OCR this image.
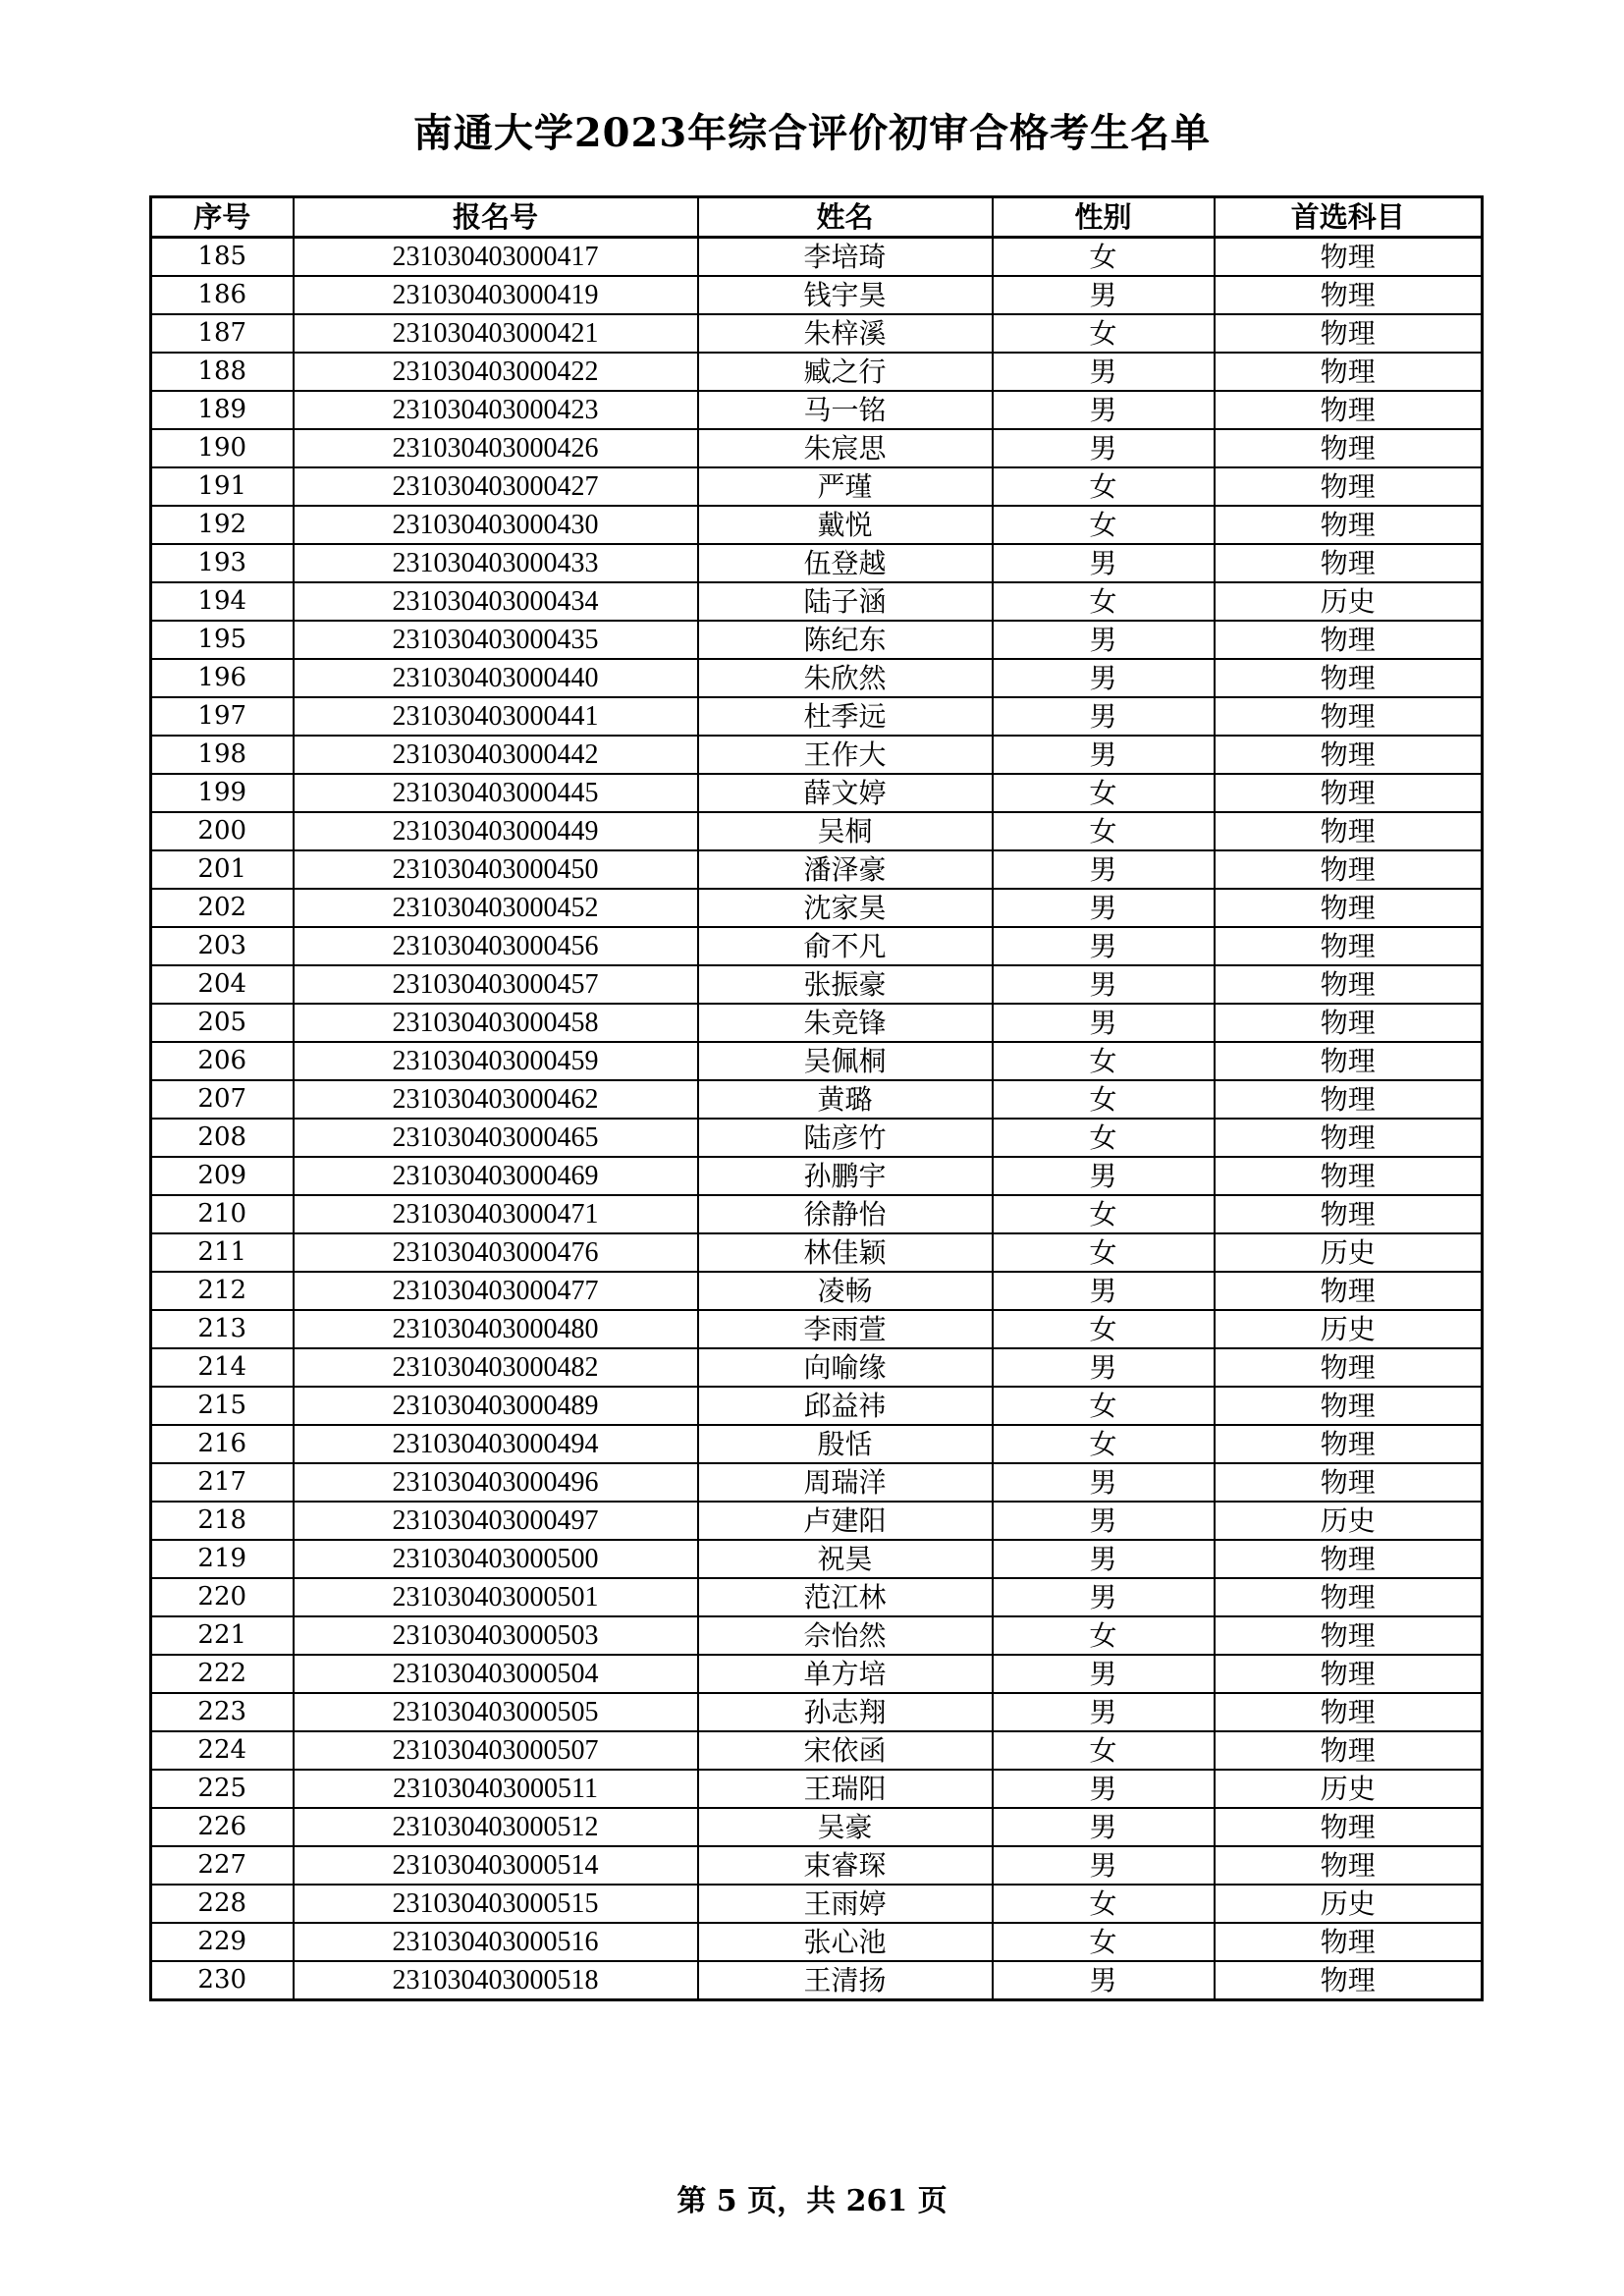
南通大学2023年综合评价初审合格考生名单
序号	报名号	姓名	性别	首选科目
185	231030403000417	李培琦	女	物理
186	231030403000419	钱宇昊	男	物理
187	231030403000421	朱梓溪	女	物理
188	231030403000422	臧之行	男	物理
189	231030403000423	马一铭	男	物理
190	231030403000426	朱宸思	男	物理
191	231030403000427	严瑾	女	物理
192	231030403000430	戴悦	女	物理
193	231030403000433	伍登越	男	物理
194	231030403000434	陆子涵	女	历史
195	231030403000435	陈纪东	男	物理
196	231030403000440	朱欣然	男	物理
197	231030403000441	杜季远	男	物理
198	231030403000442	王作大	男	物理
199	231030403000445	薛文婷	女	物理
200	231030403000449	吴桐	女	物理
201	231030403000450	潘泽豪	男	物理
202	231030403000452	沈家昊	男	物理
203	231030403000456	俞不凡	男	物理
204	231030403000457	张振豪	男	物理
205	231030403000458	朱竞锋	男	物理
206	231030403000459	吴佩桐	女	物理
207	231030403000462	黄璐	女	物理
208	231030403000465	陆彦竹	女	物理
209	231030403000469	孙鹏宇	男	物理
210	231030403000471	徐静怡	女	物理
211	231030403000476	林佳颖	女	历史
212	231030403000477	凌畅	男	物理
213	231030403000480	李雨萱	女	历史
214	231030403000482	向喻缘	男	物理
215	231030403000489	邱益祎	女	物理
216	231030403000494	殷恬	女	物理
217	231030403000496	周瑞洋	男	物理
218	231030403000497	卢建阳	男	历史
219	231030403000500	祝昊	男	物理
220	231030403000501	范江林	男	物理
221	231030403000503	佘怡然	女	物理
222	231030403000504	单方培	男	物理
223	231030403000505	孙志翔	男	物理
224	231030403000507	宋依函	女	物理
225	231030403000511	王瑞阳	男	历史
226	231030403000512	吴豪	男	物理
227	231030403000514	束睿琛	男	物理
228	231030403000515	王雨婷	女	历史
229	231030403000516	张心池	女	物理
230	231030403000518	王清扬	男	物理
第 5 页，共 261 页
